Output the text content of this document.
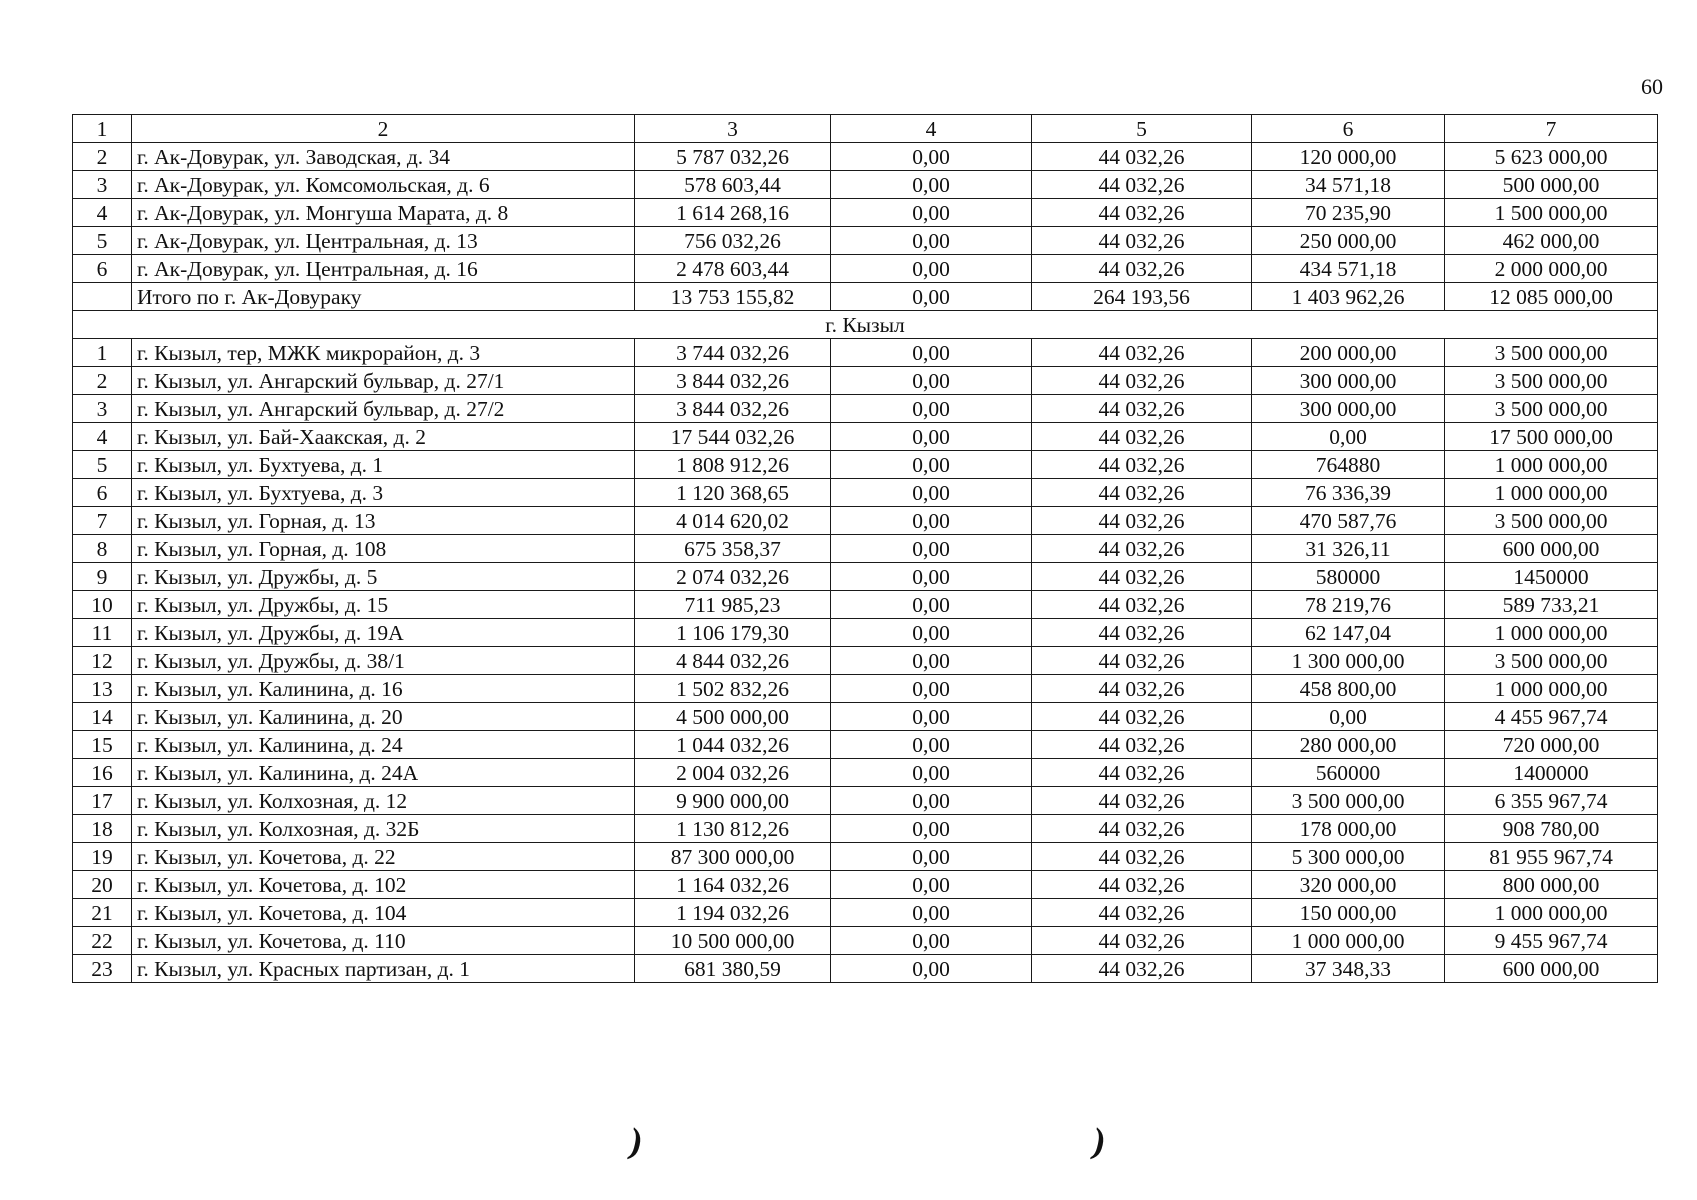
60
1	2	3	4	5	6	7
2	г. Ак-Довурак, ул. Заводская, д. 34	5 787 032,26	0,00	44 032,26	120 000,00	5 623 000,00
3	г. Ак-Довурак, ул. Комсомольская, д. 6	578 603,44	0,00	44 032,26	34 571,18	500 000,00
4	г. Ак-Довурак, ул. Монгуша Марата, д. 8	1 614 268,16	0,00	44 032,26	70 235,90	1 500 000,00
5	г. Ак-Довурак, ул. Центральная, д. 13	756 032,26	0,00	44 032,26	250 000,00	462 000,00
6	г. Ак-Довурак, ул. Центральная, д. 16	2 478 603,44	0,00	44 032,26	434 571,18	2 000 000,00
	Итого по г. Ак-Довураку	13 753 155,82	0,00	264 193,56	1 403 962,26	12 085 000,00
г. Кызыл						
1	г. Кызыл, тер, МЖК микрорайон, д. 3	3 744 032,26	0,00	44 032,26	200 000,00	3 500 000,00
2	г. Кызыл, ул. Ангарский бульвар, д. 27/1	3 844 032,26	0,00	44 032,26	300 000,00	3 500 000,00
3	г. Кызыл, ул. Ангарский бульвар, д. 27/2	3 844 032,26	0,00	44 032,26	300 000,00	3 500 000,00
4	г. Кызыл, ул. Бай-Хаакская, д. 2	17 544 032,26	0,00	44 032,26	0,00	17 500 000,00
5	г. Кызыл, ул. Бухтуева, д. 1	1 808 912,26	0,00	44 032,26	764880	1 000 000,00
6	г. Кызыл, ул. Бухтуева, д. 3	1 120 368,65	0,00	44 032,26	76 336,39	1 000 000,00
7	г. Кызыл, ул. Горная, д. 13	4 014 620,02	0,00	44 032,26	470 587,76	3 500 000,00
8	г. Кызыл, ул. Горная, д. 108	675 358,37	0,00	44 032,26	31 326,11	600 000,00
9	г. Кызыл, ул. Дружбы, д. 5	2 074 032,26	0,00	44 032,26	580000	1450000
10	г. Кызыл, ул. Дружбы, д. 15	711 985,23	0,00	44 032,26	78 219,76	589 733,21
11	г. Кызыл, ул. Дружбы, д. 19А	1 106 179,30	0,00	44 032,26	62 147,04	1 000 000,00
12	г. Кызыл, ул. Дружбы, д. 38/1	4 844 032,26	0,00	44 032,26	1 300 000,00	3 500 000,00
13	г. Кызыл, ул. Калинина, д. 16	1 502 832,26	0,00	44 032,26	458 800,00	1 000 000,00
14	г. Кызыл, ул. Калинина, д. 20	4 500 000,00	0,00	44 032,26	0,00	4 455 967,74
15	г. Кызыл, ул. Калинина, д. 24	1 044 032,26	0,00	44 032,26	280 000,00	720 000,00
16	г. Кызыл, ул. Калинина, д. 24А	2 004 032,26	0,00	44 032,26	560000	1400000
17	г. Кызыл, ул. Колхозная, д. 12	9 900 000,00	0,00	44 032,26	3 500 000,00	6 355 967,74
18	г. Кызыл, ул. Колхозная, д. 32Б	1 130 812,26	0,00	44 032,26	178 000,00	908 780,00
19	г. Кызыл, ул. Кочетова, д. 22	87 300 000,00	0,00	44 032,26	5 300 000,00	81 955 967,74
20	г. Кызыл, ул. Кочетова, д. 102	1 164 032,26	0,00	44 032,26	320 000,00	800 000,00
21	г. Кызыл, ул. Кочетова, д. 104	1 194 032,26	0,00	44 032,26	150 000,00	1 000 000,00
22	г. Кызыл, ул. Кочетова, д. 110	10 500 000,00	0,00	44 032,26	1 000 000,00	9 455 967,74
23	г. Кызыл, ул. Красных партизан, д. 1	681 380,59	0,00	44 032,26	37 348,33	600 000,00
)	)
